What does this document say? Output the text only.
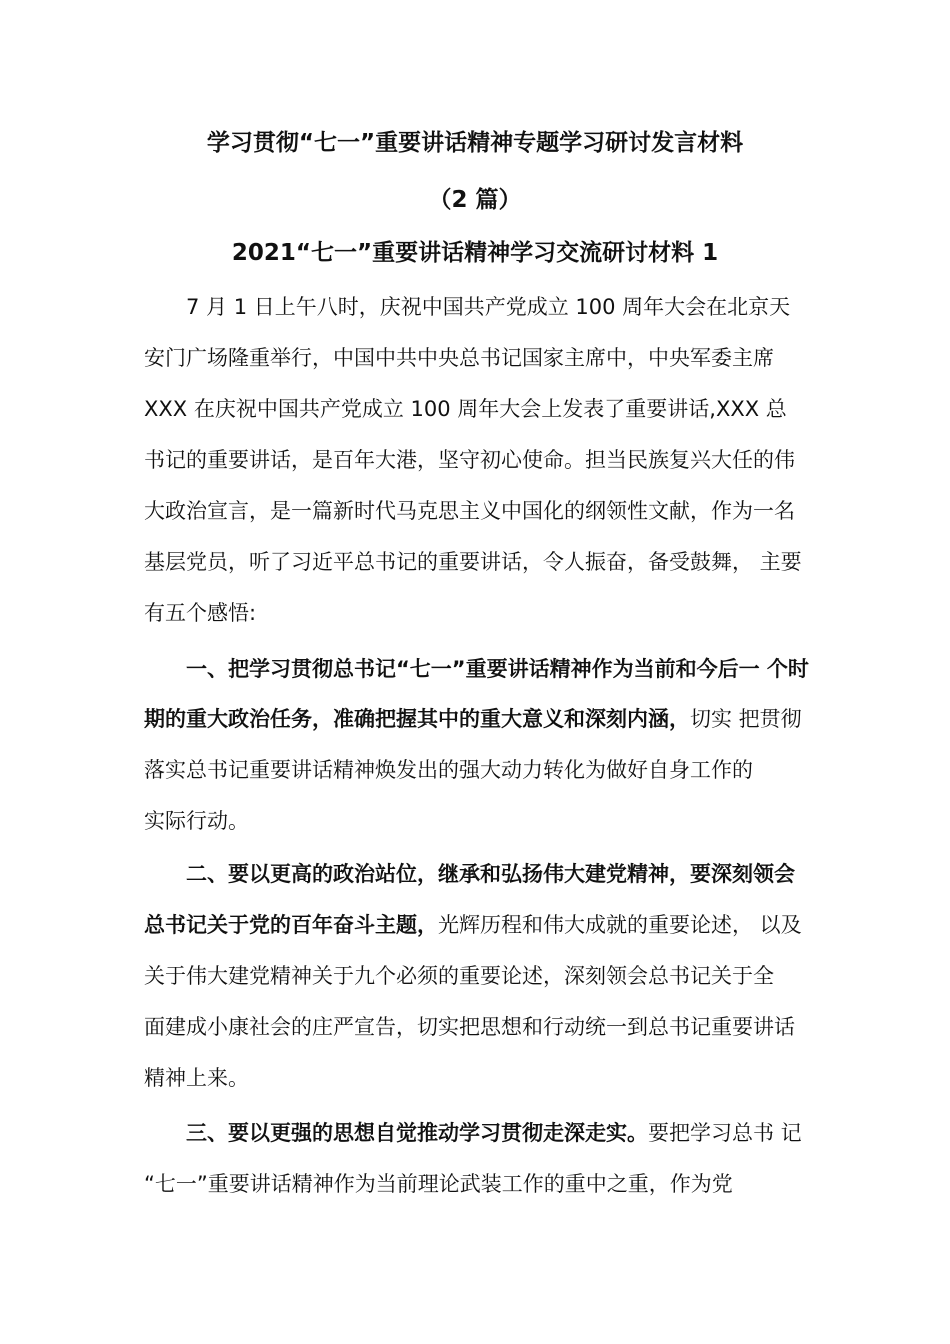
学习贯彻“七一”重要讲话精神专题学习研讨发言材料
（2 篇）
2021“七一”重要讲话精神学习交流研讨材料 1
7 月 1 日上午八时，庆祝中国共产党成立 100 周年大会在北京天
安门广场隆重举行，中国中共中央总书记国家主席中，中央军委主席
XXX 在庆祝中国共产党成立 100 周年大会上发表了重要讲话,XXX 总
书记的重要讲话，是百年大港，坚守初心使命。担当民族复兴大任的伟
大政治宣言，是一篇新时代马克思主义中国化的纲领性文献，作为一名
基层党员，听了习近平总书记的重要讲话，令人振奋，备受鼓舞， 主要
有五个感悟:
一、把学习贯彻总书记“七一”重要讲话精神作为当前和今后一 个时
期的重大政治任务，准确把握其中的重大意义和深刻内涵，切实 把贯彻
落实总书记重要讲话精神焕发出的强大动力转化为做好自身工作的
实际行动。
二、要以更高的政治站位，继承和弘扬伟大建党精神，要深刻领会
总书记关于党的百年奋斗主题，光辉历程和伟大成就的重要论述， 以及
关于伟大建党精神关于九个必须的重要论述，深刻领会总书记关于全
面建成小康社会的庄严宣告，切实把思想和行动统一到总书记重要讲话
精神上来。
三、要以更强的思想自觉推动学习贯彻走深走实。要把学习总书 记
“七一”重要讲话精神作为当前理论武装工作的重中之重，作为党
